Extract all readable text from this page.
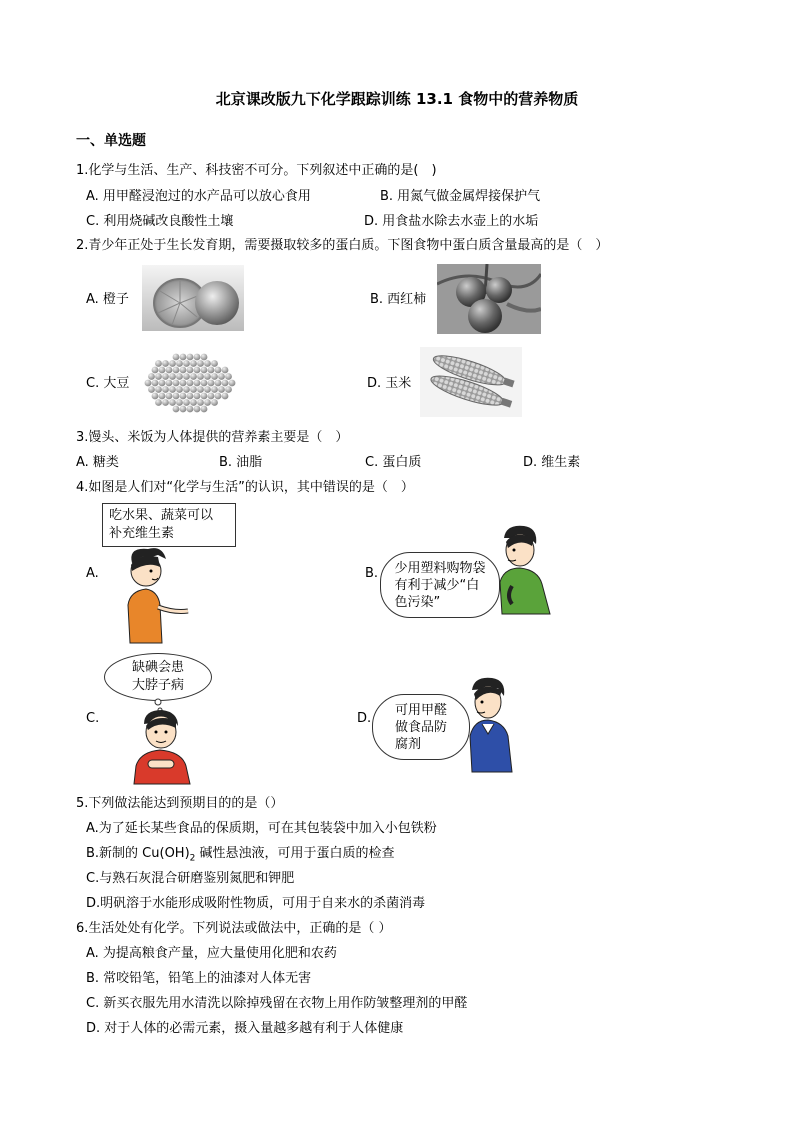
北京课改版九下化学跟踪训练 13.1 食物中的营养物质
一、单选题
1.化学与生活、生产、科技密不可分。下列叙述中正确的是(　)
A. 用甲醛浸泡过的水产品可以放心食用	B. 用氮气做金属焊接保护气
C. 利用烧碱改良酸性土壤	D. 用食盐水除去水壶上的水垢
2.青少年正处于生长发育期，需要摄取较多的蛋白质。下图食物中蛋白质含量最高的是（　）
A. 橙子	B. 西红柿
C. 大豆	D. 玉米
3.馒头、米饭为人体提供的营养素主要是（　）
A. 糖类	B. 油脂	C. 蛋白质	D. 维生素
4.如图是人们对“化学与生活”的认识，其中错误的是（　）
A.
吃水果、蔬菜可以
补充维生素
B. 少用塑料购物袋
有利于减少“白
色污染”
C.
缺碘会患
大脖子病
D.
可用甲醛
做食品防
腐剂
5.下列做法能达到预期目的的是（）
A.为了延长某些食品的保质期，可在其包装袋中加入小包铁粉
B.新制的 $Cu(OH)_2$ 碱性悬浊液，可用于蛋白质的检查
C.与熟石灰混合研磨鉴别氮肥和钾肥
D.明矾溶于水能形成吸附性物质，可用于自来水的杀菌消毒
6.生活处处有化学。下列说法或做法中，正确的是（ ）
A. 为提高粮食产量，应大量使用化肥和农药
B. 常咬铅笔，铅笔上的油漆对人体无害
C. 新买衣服先用水清洗以除掉残留在衣物上用作防皱整理剂的甲醛
D. 对于人体的必需元素，摄入量越多越有利于人体健康
